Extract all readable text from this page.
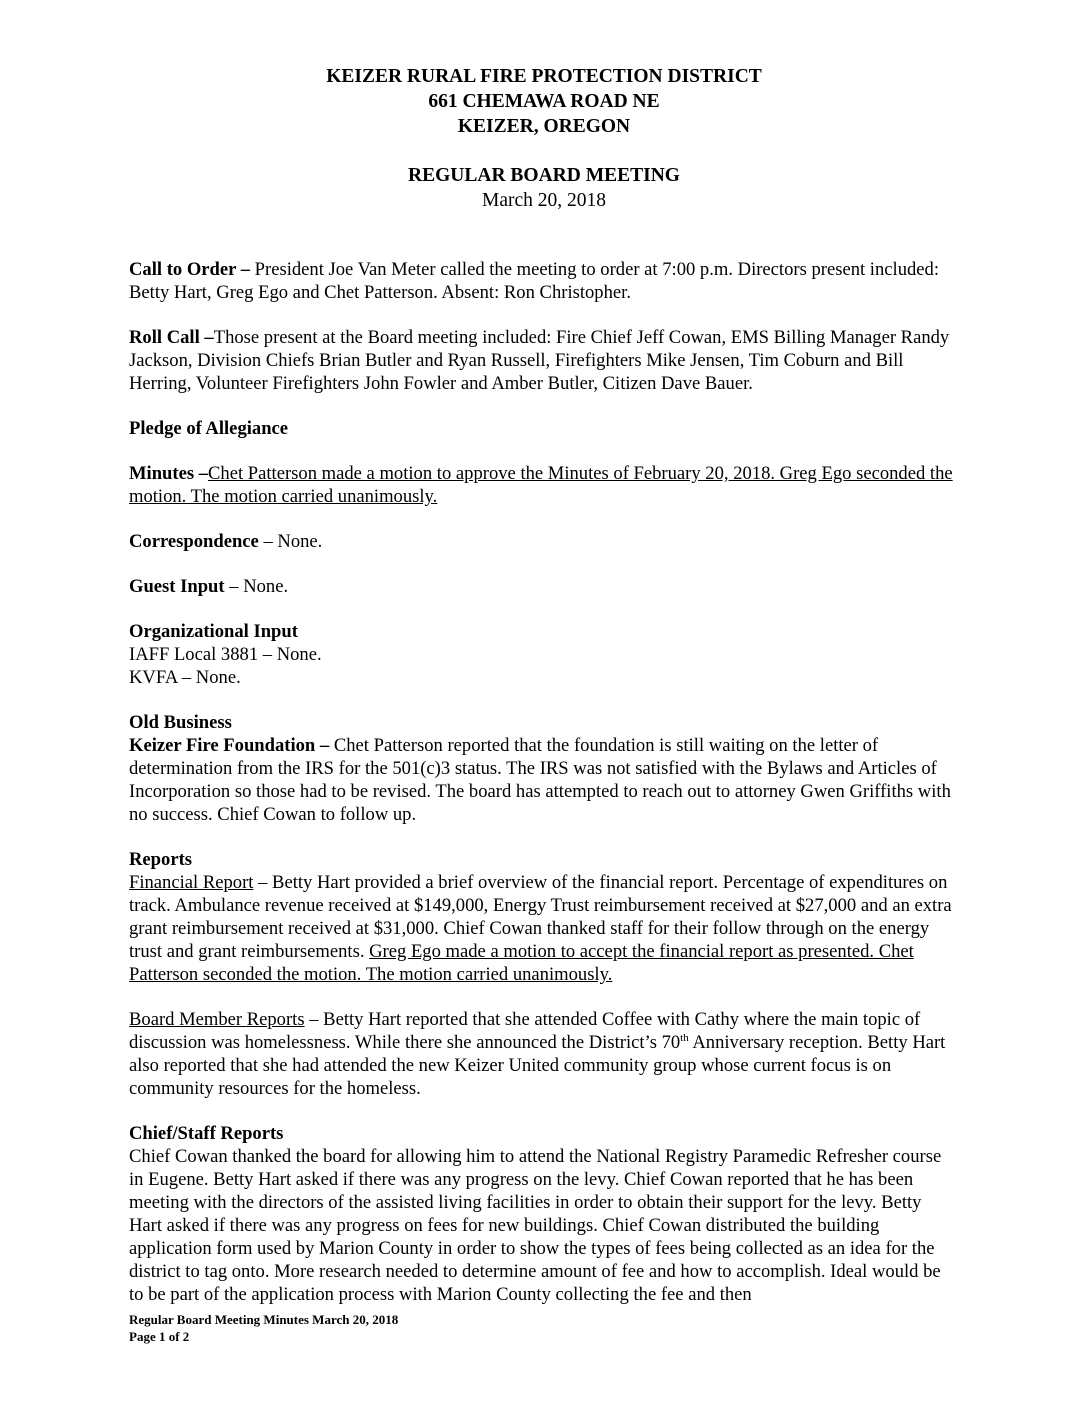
KEIZER RURAL FIRE PROTECTION DISTRICT
661 CHEMAWA ROAD NE
KEIZER, OREGON
REGULAR BOARD MEETING
March 20, 2018

Call to Order – President Joe Van Meter called the meeting to order at 7:00 p.m. Directors present included: Betty Hart, Greg Ego and Chet Patterson. Absent: Ron Christopher.

Roll Call –Those present at the Board meeting included: Fire Chief Jeff Cowan, EMS Billing Manager Randy Jackson, Division Chiefs Brian Butler and Ryan Russell, Firefighters Mike Jensen, Tim Coburn and Bill Herring, Volunteer Firefighters John Fowler and Amber Butler, Citizen Dave Bauer.

Pledge of Allegiance

Minutes –Chet Patterson made a motion to approve the Minutes of February 20, 2018. Greg Ego seconded the motion. The motion carried unanimously.

Correspondence – None.

Guest Input – None.

Organizational Input
IAFF Local 3881 – None.
KVFA – None.
Old Business
Keizer Fire Foundation – Chet Patterson reported that the foundation is still waiting on the letter of determination from the IRS for the 501(c)3 status. The IRS was not satisfied with the Bylaws and Articles of Incorporation so those had to be revised. The board has attempted to reach out to attorney Gwen Griffiths with no success. Chief Cowan to follow up.
Reports
Financial Report – Betty Hart provided a brief overview of the financial report. Percentage of expenditures on track. Ambulance revenue received at $149,000, Energy Trust reimbursement received at $27,000 and an extra grant reimbursement received at $31,000. Chief Cowan thanked staff for their follow through on the energy trust and grant reimbursements. Greg Ego made a motion to accept the financial report as presented. Chet Patterson seconded the motion. The motion carried unanimously.

Board Member Reports – Betty Hart reported that she attended Coffee with Cathy where the main topic of discussion was homelessness. While there she announced the District’s 70th Anniversary reception. Betty Hart also reported that she had attended the new Keizer United community group whose current focus is on community resources for the homeless.

Chief/Staff Reports
Chief Cowan thanked the board for allowing him to attend the National Registry Paramedic Refresher course in Eugene. Betty Hart asked if there was any progress on the levy. Chief Cowan reported that he has been meeting with the directors of the assisted living facilities in order to obtain their support for the levy. Betty Hart asked if there was any progress on fees for new buildings. Chief Cowan distributed the building application form used by Marion County in order to show the types of fees being collected as an idea for the district to tag onto. More research needed to determine amount of fee and how to accomplish. Ideal would be to be part of the application process with Marion County collecting the fee and then
Regular Board Meeting Minutes March 20, 2018
Page 1 of 2
